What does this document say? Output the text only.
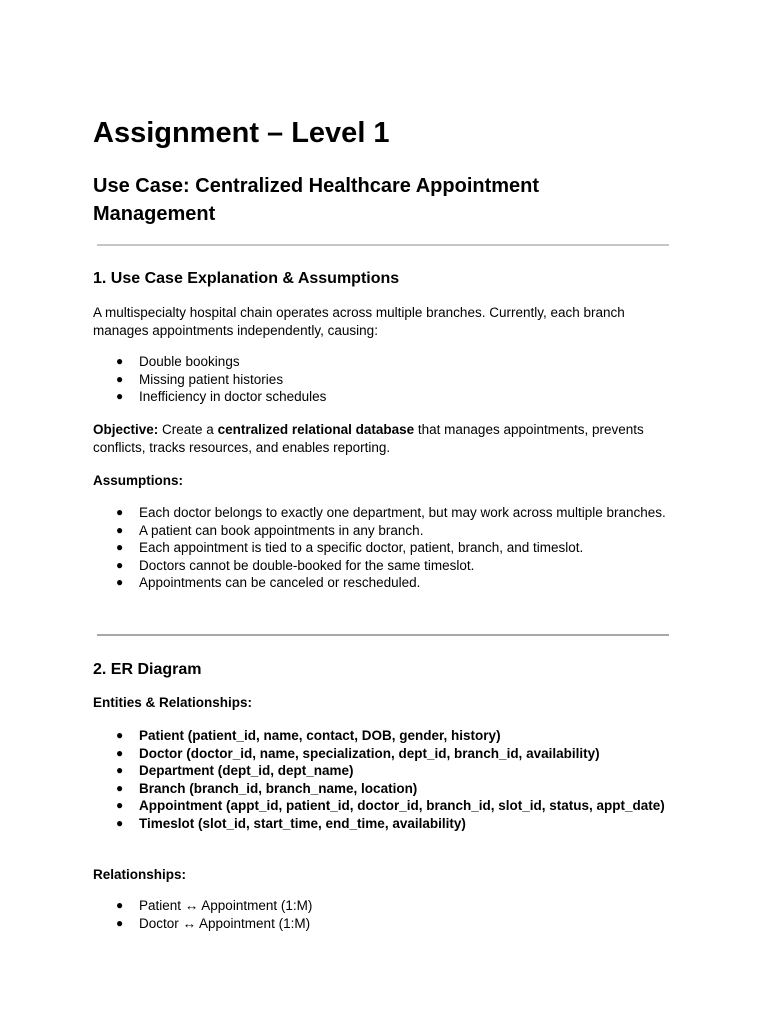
Assignment – Level 1
Use Case: Centralized Healthcare Appointment Management
1. Use Case Explanation & Assumptions

A multispecialty hospital chain operates across multiple branches. Currently, each branch manages appointments independently, causing:

● Double bookings
● Missing patient histories
● Inefficiency in doctor schedules

Objective: Create a centralized relational database that manages appointments, prevents conflicts, tracks resources, and enables reporting.

Assumptions:

● Each doctor belongs to exactly one department, but may work across multiple branches.
● A patient can book appointments in any branch.
● Each appointment is tied to a specific doctor, patient, branch, and timeslot.
● Doctors cannot be double-booked for the same timeslot.
● Appointments can be canceled or rescheduled.
2. ER Diagram

Entities & Relationships:

● Patient (patient_id, name, contact, DOB, gender, history)
● Doctor (doctor_id, name, specialization, dept_id, branch_id, availability)
● Department (dept_id, dept_name)
● Branch (branch_id, branch_name, location)
● Appointment (appt_id, patient_id, doctor_id, branch_id, slot_id, status, appt_date)
● Timeslot (slot_id, start_time, end_time, availability)

Relationships:

● Patient ↔ Appointment (1:M)
● Doctor ↔ Appointment (1:M)
